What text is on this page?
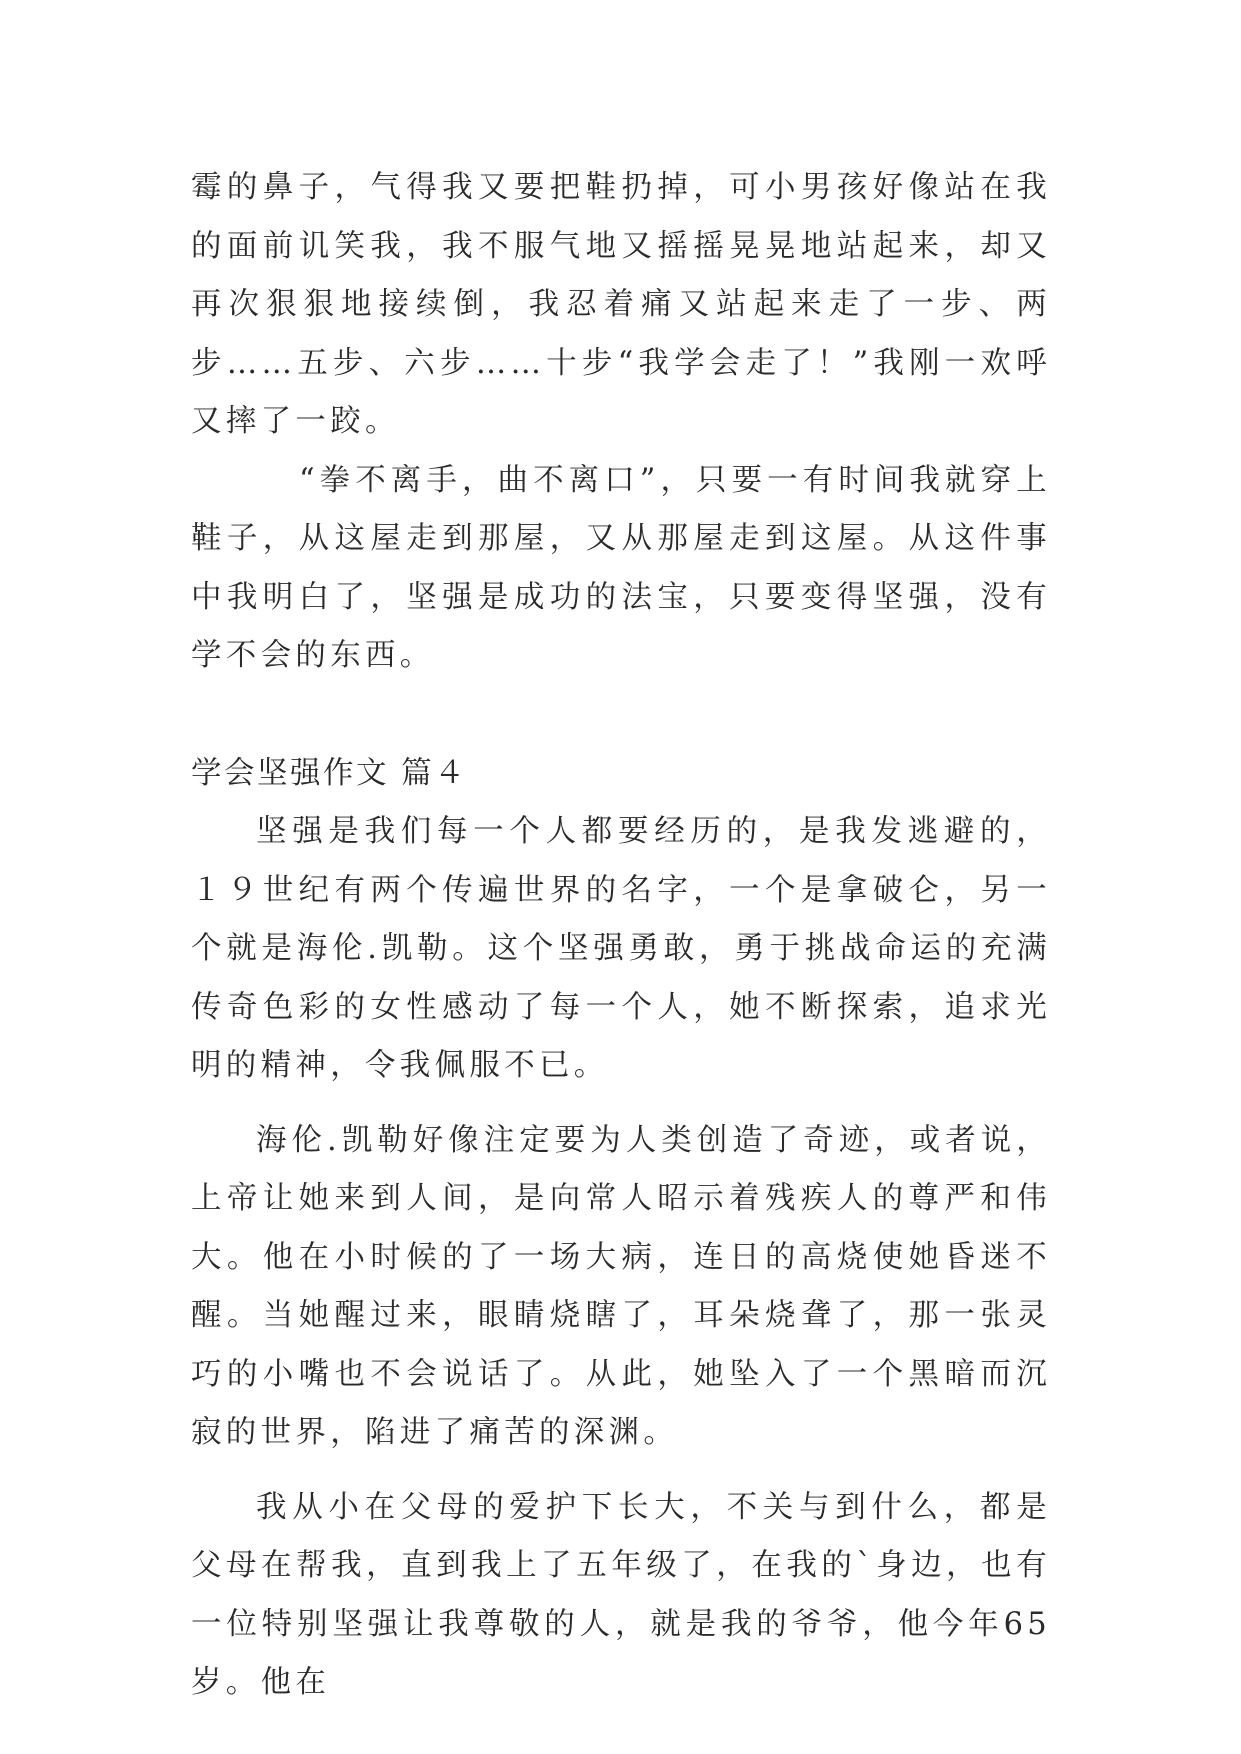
霉的鼻子，气得我又要把鞋扔掉，可小男孩好像站在我的面前讥笑我，我不服气地又摇摇晃晃地站起来，却又再次狠狠地接续倒，我忍着痛又站起来走了一步、两步……五步、六步……十步“我学会走了！”我刚一欢呼又摔了一跤。

“拳不离手，曲不离口”，只要一有时间我就穿上鞋子，从这屋走到那屋，又从那屋走到这屋。从这件事中我明白了，坚强是成功的法宝，只要变得坚强，没有学不会的东西。

学会坚强作文 篇４

坚强是我们每一个人都要经历的，是我发逃避的，１９世纪有两个传遍世界的名字，一个是拿破仑，另一个就是海伦.凯勒。这个坚强勇敢，勇于挑战命运的充满传奇色彩的女性感动了每一个人，她不断探索，追求光明的精神，令我佩服不已。

海伦.凯勒好像注定要为人类创造了奇迹，或者说，上帝让她来到人间，是向常人昭示着残疾人的尊严和伟大。他在小时候的了一场大病，连日的高烧使她昏迷不醒。当她醒过来，眼睛烧瞎了，耳朵烧聋了，那一张灵巧的小嘴也不会说话了。从此，她坠入了一个黑暗而沉寂的世界，陷进了痛苦的深渊。

我从小在父母的爱护下长大，不关与到什么，都是父母在帮我，直到我上了五年级了，在我的`身边，也有一位特别坚强让我尊敬的人，就是我的爷爷，他今年65岁。他在
